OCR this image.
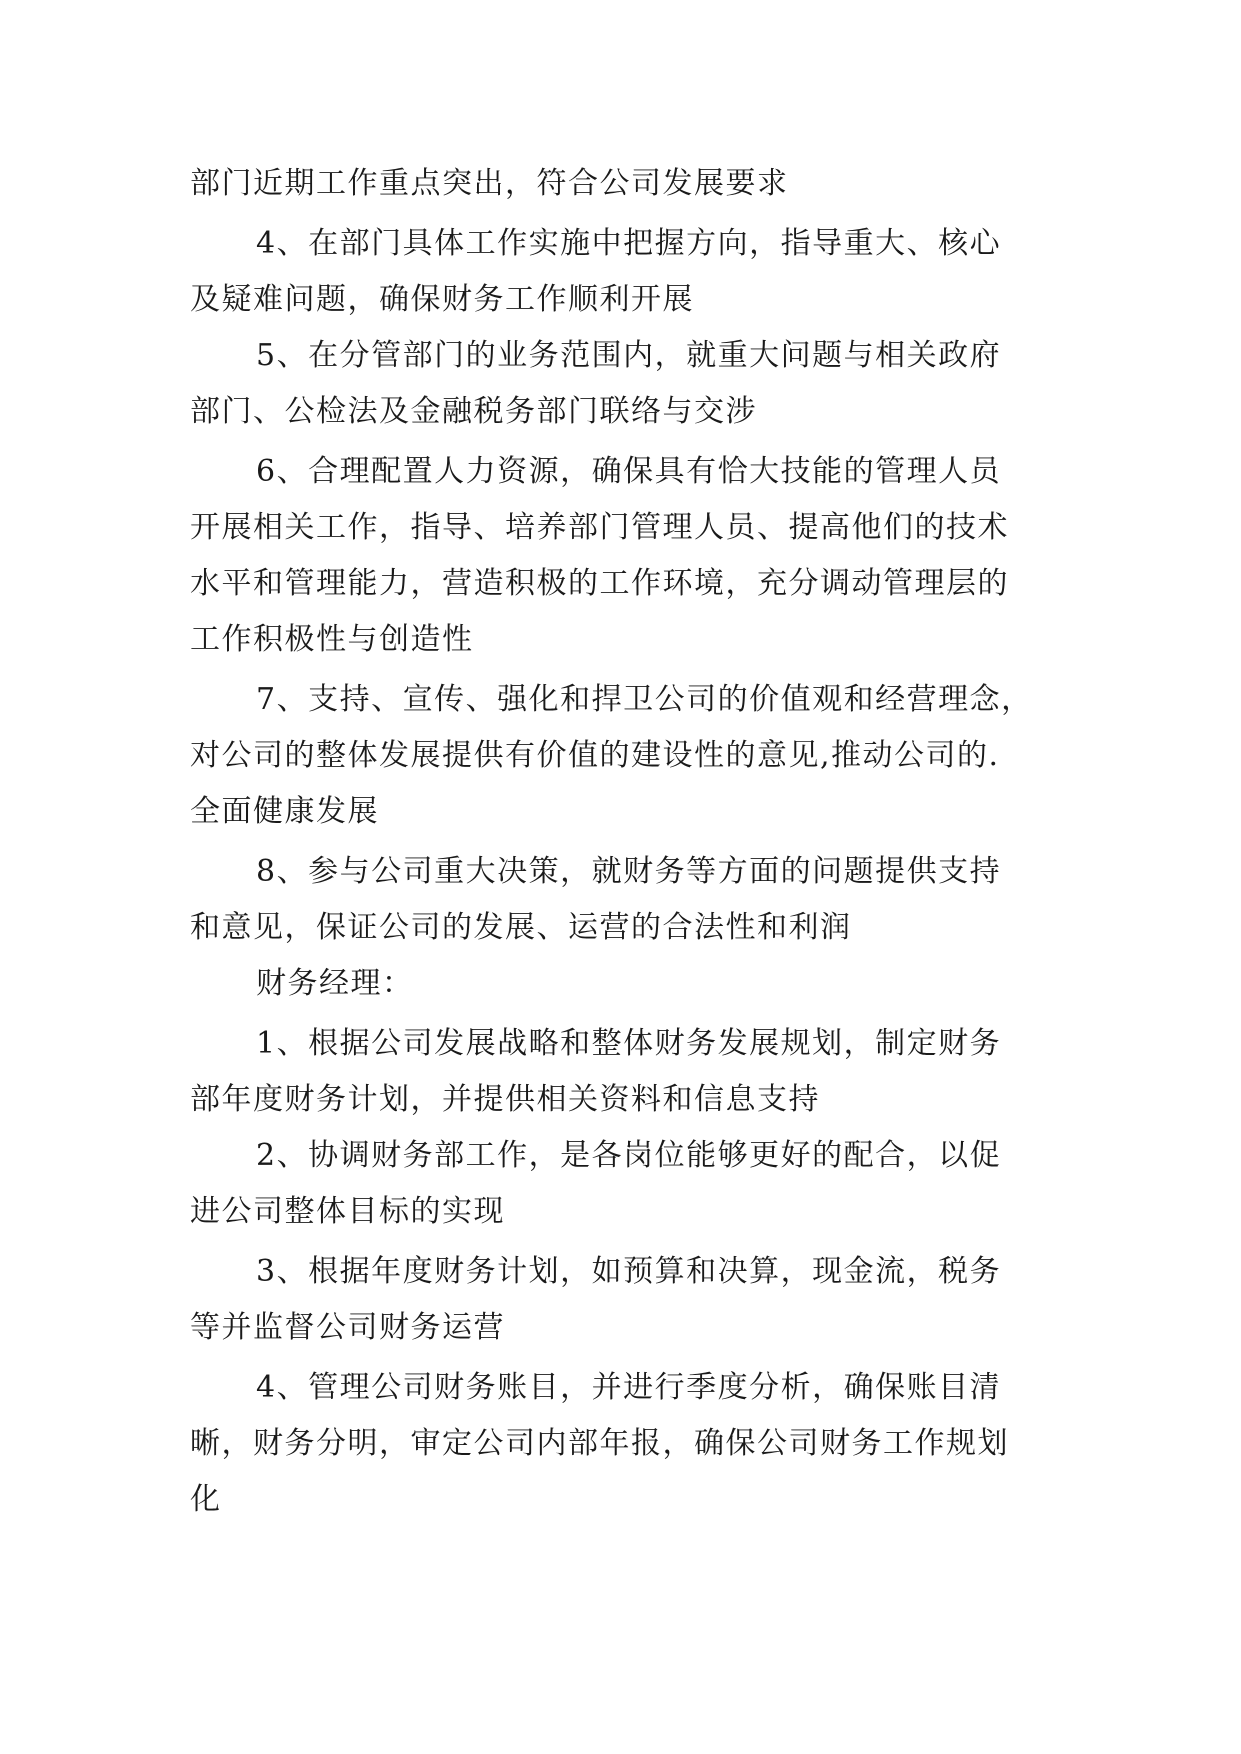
部门近期工作重点突出，符合公司发展要求
4、在部门具体工作实施中把握方向，指导重大、核心
及疑难问题，确保财务工作顺利开展
5、在分管部门的业务范围内，就重大问题与相关政府
部门、公检法及金融税务部门联络与交涉
6、合理配置人力资源，确保具有恰大技能的管理人员
开展相关工作，指导、培养部门管理人员、提高他们的技术
水平和管理能力，营造积极的工作环境，充分调动管理层的
工作积极性与创造性
7、支持、宣传、强化和捍卫公司的价值观和经营理念，
对公司的整体发展提供有价值的建设性的意见,推动公司的.
全面健康发展
8、参与公司重大决策，就财务等方面的问题提供支持
和意见，保证公司的发展、运营的合法性和利润
财务经理：
1、根据公司发展战略和整体财务发展规划，制定财务
部年度财务计划，并提供相关资料和信息支持
2、协调财务部工作，是各岗位能够更好的配合，以促
进公司整体目标的实现
3、根据年度财务计划，如预算和决算，现金流，税务
等并监督公司财务运营
4、管理公司财务账目，并进行季度分析，确保账目清
晰，财务分明，审定公司内部年报，确保公司财务工作规划
化
